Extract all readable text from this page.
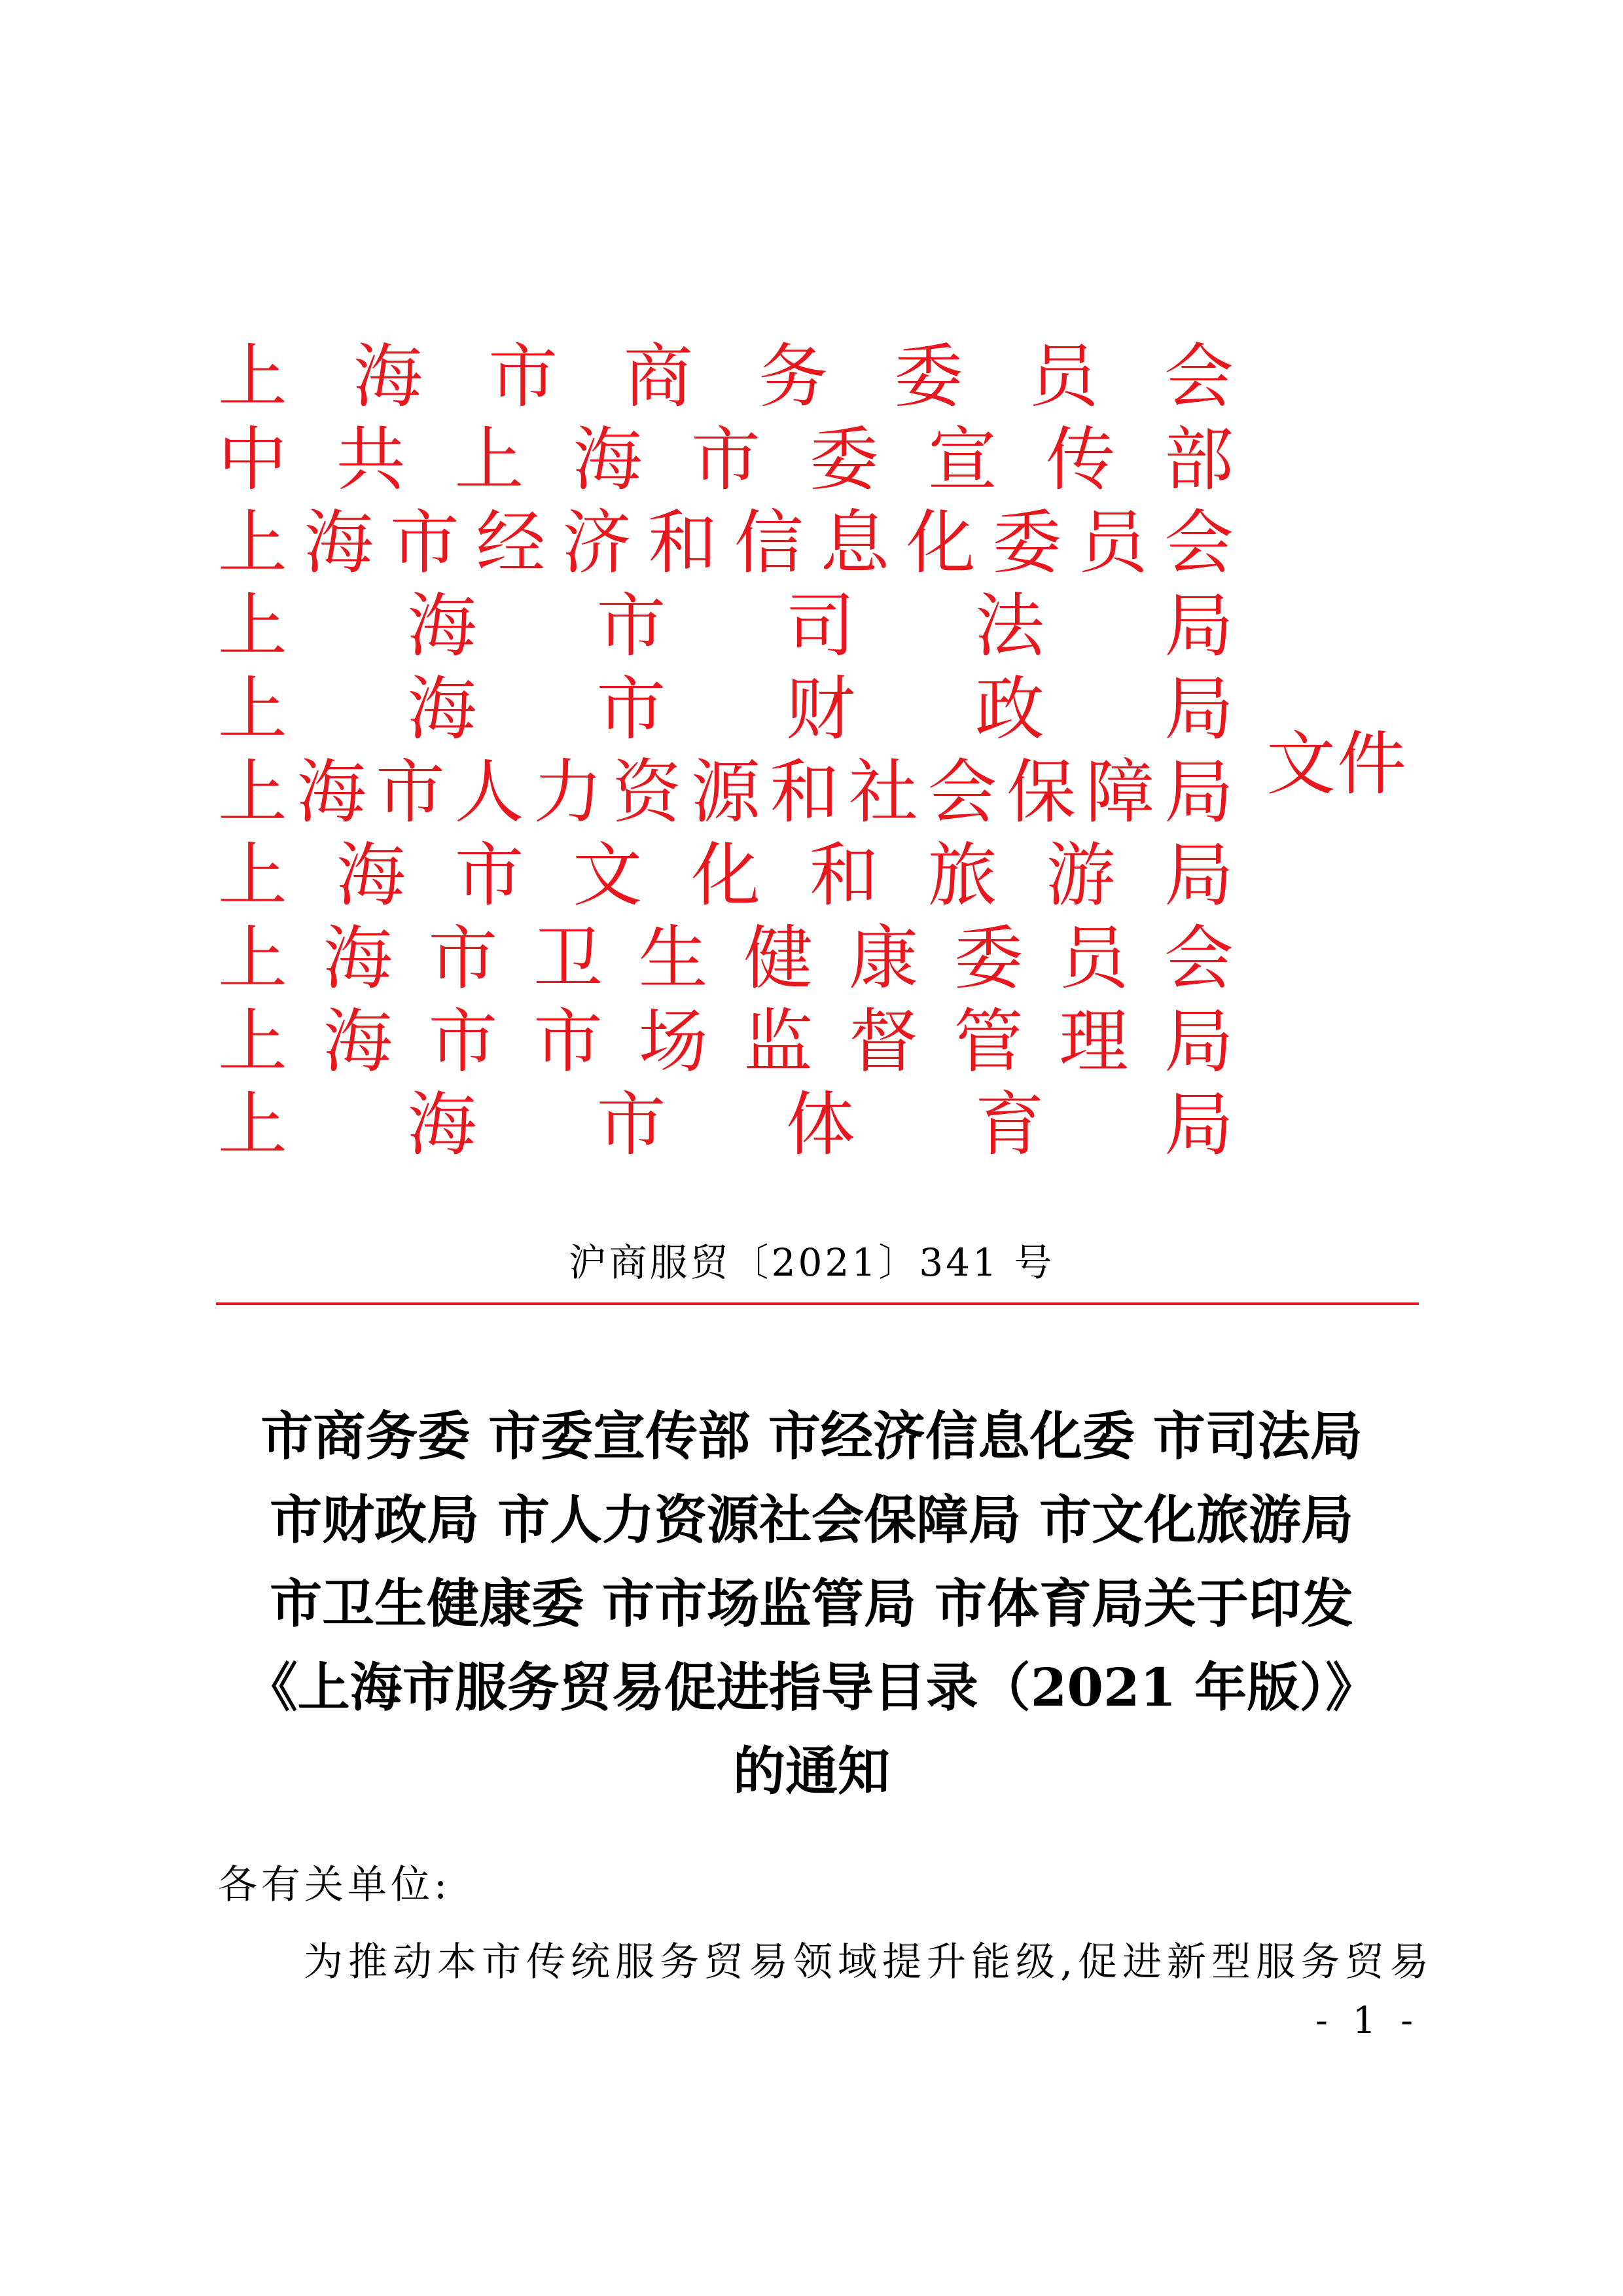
上 海 市 商 务 委 员 会
中 共 上 海 市 委 宣 传 部
上 海 市 经 济 和 信 息 化 委 员 会
上 海 市 司 法 局
上 海 市 财 政 局
上 海 市 人 力 资 源 和 社 会 保 障 局
上 海 市 文 化 和 旅 游 局
上 海 市 卫 生 健 康 委 员 会
上 海 市 市 场 监 督 管 理 局
上 海 市 体 育 局
文件
沪商服贸〔2021〕341 号
市商务委 市委宣传部 市经济信息化委 市司法局
市财政局 市人力资源社会保障局 市文化旅游局
市卫生健康委 市市场监管局 市体育局关于印发
《上海市服务贸易促进指导目录（2021 年版）》
的通知
各有关单位:
为推动本市传统服务贸易领域提升能级,促进新型服务贸易
- 1 -
